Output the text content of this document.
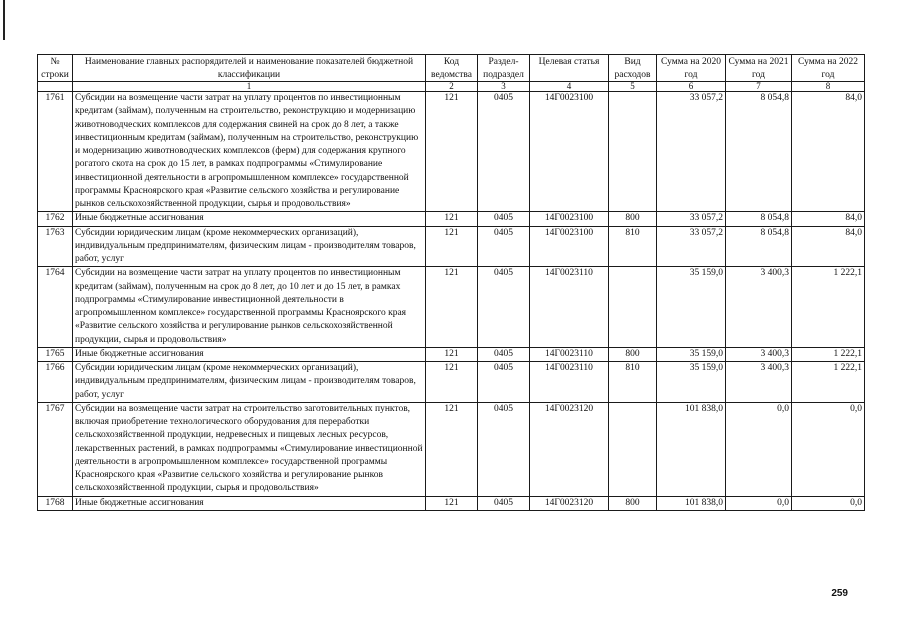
№ строки	Наименование главных распорядителей и наименование показателей бюджетной классификации	Код ведомства	Раздел-подраздел	Целевая статья	Вид расходов	Сумма на 2020 год	Сумма на 2021 год	Сумма на 2022 год
	1	2	3	4	5	6	7	8
1761	Субсидии на возмещение части затрат на уплату процентов по инвестиционным кредитам (займам), полученным на строительство, реконструкцию и модернизацию животноводческих комплексов для содержания свиней на срок до 8 лет, а также инвестиционным кредитам (займам), полученным на строительство, реконструкцию и модернизацию животноводческих комплексов (ферм) для содержания крупного рогатого скота на срок до 15 лет, в рамках подпрограммы «Стимулирование инвестиционной деятельности в агропромышленном комплексе» государственной программы Красноярского края «Развитие сельского хозяйства и регулирование рынков сельскохозяйственной продукции, сырья и продовольствия»	121	0405	14Г0023100		33 057,2	8 054,8	84,0
1762	Иные бюджетные ассигнования	121	0405	14Г0023100	800	33 057,2	8 054,8	84,0
1763	Субсидии юридическим лицам (кроме некоммерческих организаций), индивидуальным предпринимателям, физическим лицам - производителям товаров, работ, услуг	121	0405	14Г0023100	810	33 057,2	8 054,8	84,0
1764	Субсидии на возмещение части затрат на уплату процентов по инвестиционным кредитам (займам), полученным на срок до 8 лет, до 10 лет и до 15 лет, в рамках подпрограммы «Стимулирование инвестиционной деятельности в агропромышленном комплексе» государственной программы Красноярского края «Развитие сельского хозяйства и регулирование рынков сельскохозяйственной продукции, сырья и продовольствия»	121	0405	14Г0023110		35 159,0	3 400,3	1 222,1
1765	Иные бюджетные ассигнования	121	0405	14Г0023110	800	35 159,0	3 400,3	1 222,1
1766	Субсидии юридическим лицам (кроме некоммерческих организаций), индивидуальным предпринимателям, физическим лицам - производителям товаров, работ, услуг	121	0405	14Г0023110	810	35 159,0	3 400,3	1 222,1
1767	Субсидии на возмещение части затрат на строительство заготовительных пунктов, включая приобретение технологического оборудования для переработки сельскохозяйственной продукции, недревесных и пищевых лесных ресурсов, лекарственных растений, в рамках подпрограммы «Стимулирование инвестиционной деятельности в агропромышленном комплексе» государственной программы Красноярского края «Развитие сельского хозяйства и регулирование рынков сельскохозяйственной продукции, сырья и продовольствия»	121	0405	14Г0023120		101 838,0	0,0	0,0
1768	Иные бюджетные ассигнования	121	0405	14Г0023120	800	101 838,0	0,0	0,0
259
